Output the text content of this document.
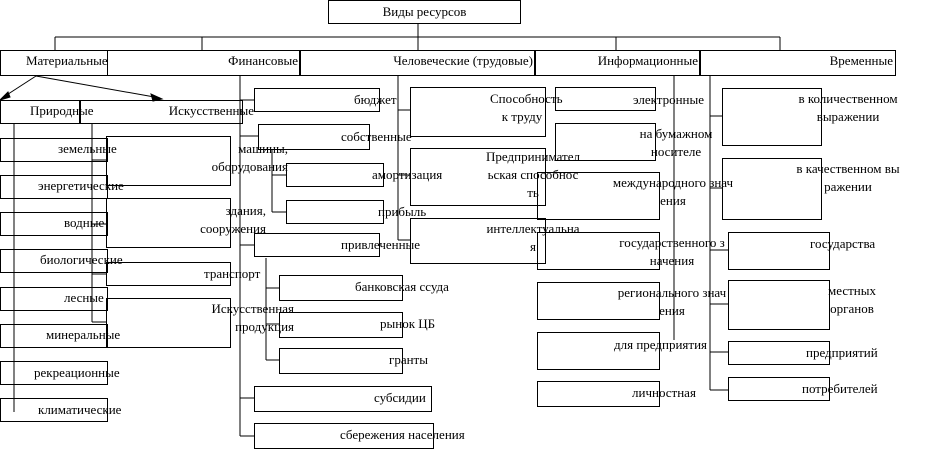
Виды ресурсов
Материальные	Финансовые	Человеческие (трудовые)	Информационные	Временные
Природные
земельные
энергетические
водные
биологические
лесные
минеральные
рекреационные
климатические
Искусственные
машины, оборудования
здания, сооружения
транспорт
Искусственная продукция
бюджет
собственные
амортизация
прибыль
привлеченные
банковская ссуда
рынок ЦБ
гранты
субсидии
сбережения населения
Способность к труду
Предпринимательская способность
интеллектуальная
электронные
на бумажном носителе
международного значения
государственного значения
регионального значения
для предприятия
личностная
в количественном выражении
в качественном выражении
государства
местных органов
предприятий
потребителей
